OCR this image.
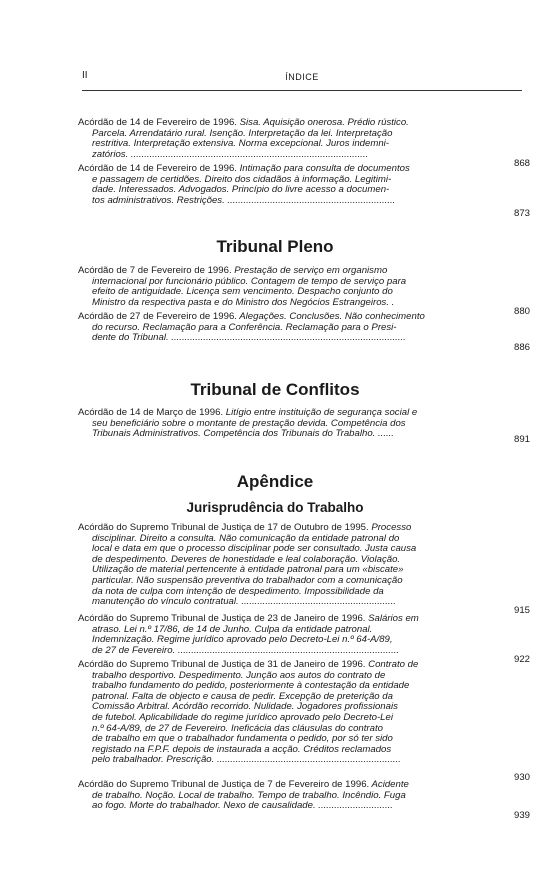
II	ÍNDICE
Acórdão de 14 de Fevereiro de 1996. Sisa. Aquisição onerosa. Prédio rústico.
Parcela. Arrendatário rural. Isenção. Interpretação da lei. Interpretação
restritiva. Interpretação extensiva. Norma excepcional. Juros indemni-
zatórios. .........................................................................................
868
Acórdão de 14 de Fevereiro de 1996. Intimação para consulta de documentos
e passagem de certidões. Direito dos cidadãos à informação. Legitimi-
dade. Interessados. Advogados. Princípio do livre acesso a documen-
tos administrativos. Restrições. ...............................................................
873
Tribunal Pleno
Acórdão de 7 de Fevereiro de 1996. Prestação de serviço em organismo
internacional por funcionário público. Contagem de tempo de serviço para
efeito de antiguidade. Licença sem vencimento. Despacho conjunto do
Ministro da respectiva pasta e do Ministro dos Negócios Estrangeiros. .
880
Acórdão de 27 de Fevereiro de 1996. Alegações. Conclusões. Não conhecimento
do recurso. Reclamação para a Conferência. Reclamação para o Presi-
dente do Tribunal. ........................................................................................
886
Tribunal de Conflitos
Acórdão de 14 de Março de 1996. Litígio entre instituição de segurança social e
seu beneficiário sobre o montante de prestação devida. Competência dos
Tribunais Administrativos. Competência dos Tribunais do Trabalho. ......
891
Apêndice
Jurisprudência do Trabalho
Acórdão do Supremo Tribunal de Justiça de 17 de Outubro de 1995. Processo
disciplinar. Direito a consulta. Não comunicação da entidade patronal do
local e data em que o processo disciplinar pode ser consultado. Justa causa
de despedimento. Deveres de honestidade e leal colaboração. Violação.
Utilização de material pertencente à entidade patronal para um «biscate»
particular. Não suspensão preventiva do trabalhador com a comunicação
da nota de culpa com intenção de despedimento. Impossibilidade da
manutenção do vínculo contratual. ..........................................................
915
Acórdão do Supremo Tribunal de Justiça de 23 de Janeiro de 1996. Salários em
atraso. Lei n.º 17/86, de 14 de Junho. Culpa da entidade patronal.
Indemnização. Regime jurídico aprovado pelo Decreto-Lei n.º 64-A/89,
de 27 de Fevereiro. ...................................................................................
922
Acórdão do Supremo Tribunal de Justiça de 31 de Janeiro de 1996. Contrato de
trabalho desportivo. Despedimento. Junção aos autos do contrato de
trabalho fundamento do pedido, posteriormente à contestação da entidade
patronal. Falta de objecto e causa de pedir. Excepção de preterição da
Comissão Arbitral. Acórdão recorrido. Nulidade. Jogadores profissionais
de futebol. Aplicabilidade do regime jurídico aprovado pelo Decreto-Lei
n.º 64-A/89, de 27 de Fevereiro. Ineficácia das cláusulas do contrato
de trabalho em que o trabalhador fundamenta o pedido, por só ter sido
registado na F.P.F. depois de instaurada a acção. Créditos reclamados
pelo trabalhador. Prescrição. .....................................................................
930
Acórdão do Supremo Tribunal de Justiça de 7 de Fevereiro de 1996. Acidente
de trabalho. Noção. Local de trabalho. Tempo de trabalho. Incêndio. Fuga
ao fogo. Morte do trabalhador. Nexo de causalidade. ............................
939
